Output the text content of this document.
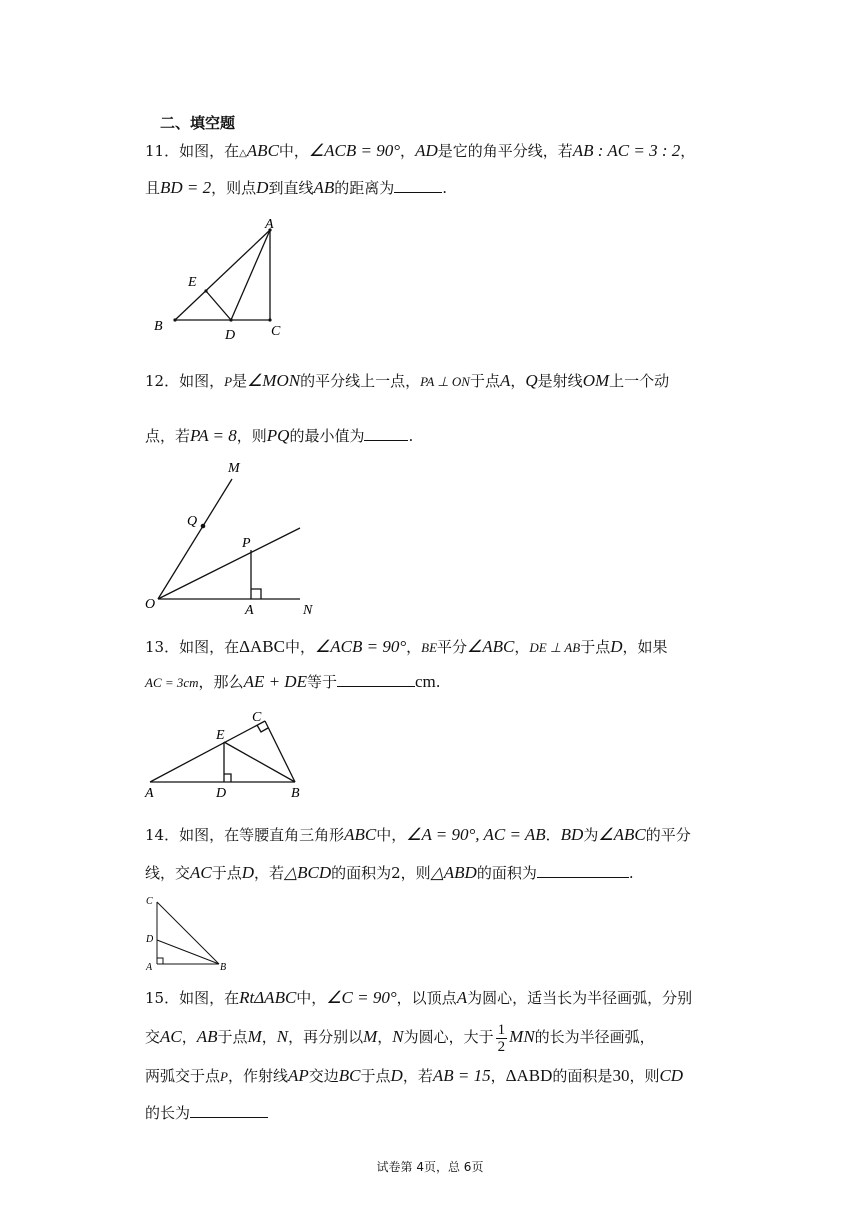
二、填空题
11．如图，在△ABC中，∠ACB = 90°，AD是它的角平分线，若AB : AC = 3 : 2，
且BD = 2，则点D到直线AB的距离为	.
A
B	C
D
E
12．如图，P是∠MON的平分线上一点，PA ⊥ ON于点A，Q是射线OM上一个动
点，若PA = 8，则PQ的最小值为	.
M
Q
P
O	A	N
13．如图，在ΔABC中，∠ACB = 90°，BE平分∠ABC，DE ⊥ AB于点D，如果
AC = 3cm，那么AE + DE等于	cm.
A	B
C
D
E
14．如图，在等腰直角三角形ABC中，∠A = 90°, AC = AB．BD为∠ABC的平分
线，交AC于点D，若△BCD的面积为2，则△ABD的面积为	.
C
D
A	B
15．如图，在RtΔABC中，∠C = 90°，以顶点A为圆心，适当长为半径画弧，分别
交AC，AB于点M，N，再分别以M，N为圆心，大于 $\frac{1}{2}$ MN的长为半径画弧，
两弧交于点P，作射线AP交边BC于点D，若AB = 15，ΔABD的面积是30，则CD
的长为
试卷第 4页，总 6页
